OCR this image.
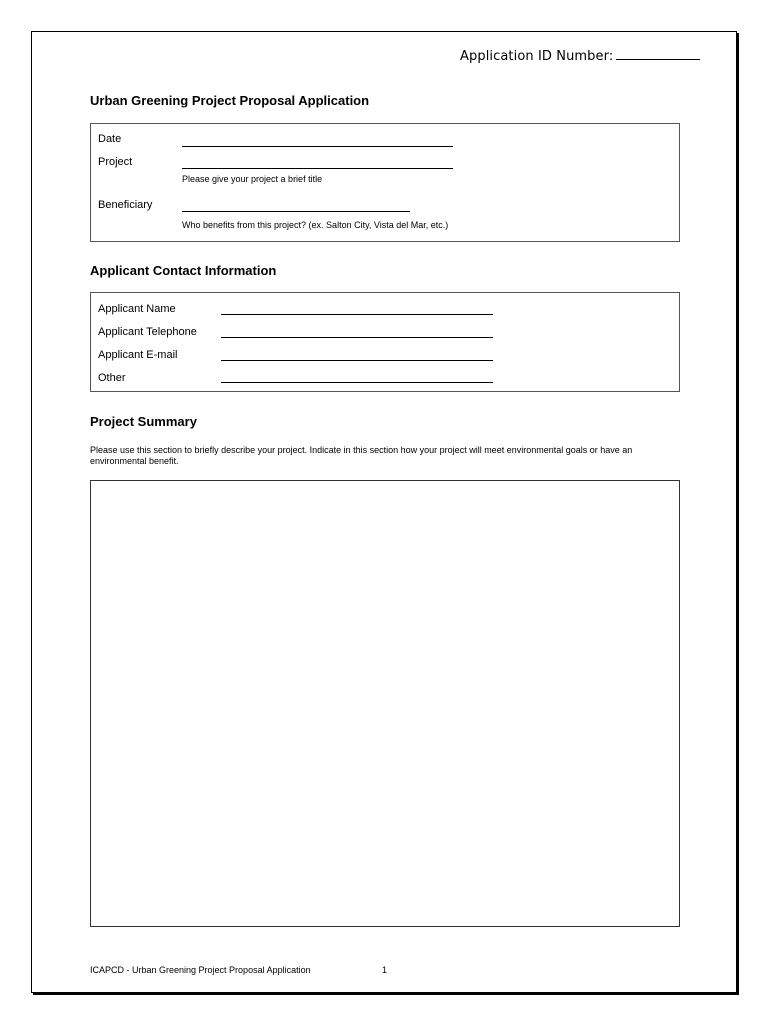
Application ID Number:
Urban Greening Project Proposal Application
Date
Project
Please give your project a brief title
Beneficiary
Who benefits from this project? (ex. Salton City, Vista del Mar, etc.)
Applicant Contact Information
Applicant Name
Applicant Telephone
Applicant E-mail
Other
Project Summary
Please use this section to briefly describe your project. Indicate in this section how your project will meet environmental goals or have an environmental benefit.
ICAPCD - Urban Greening Project Proposal Application	1
